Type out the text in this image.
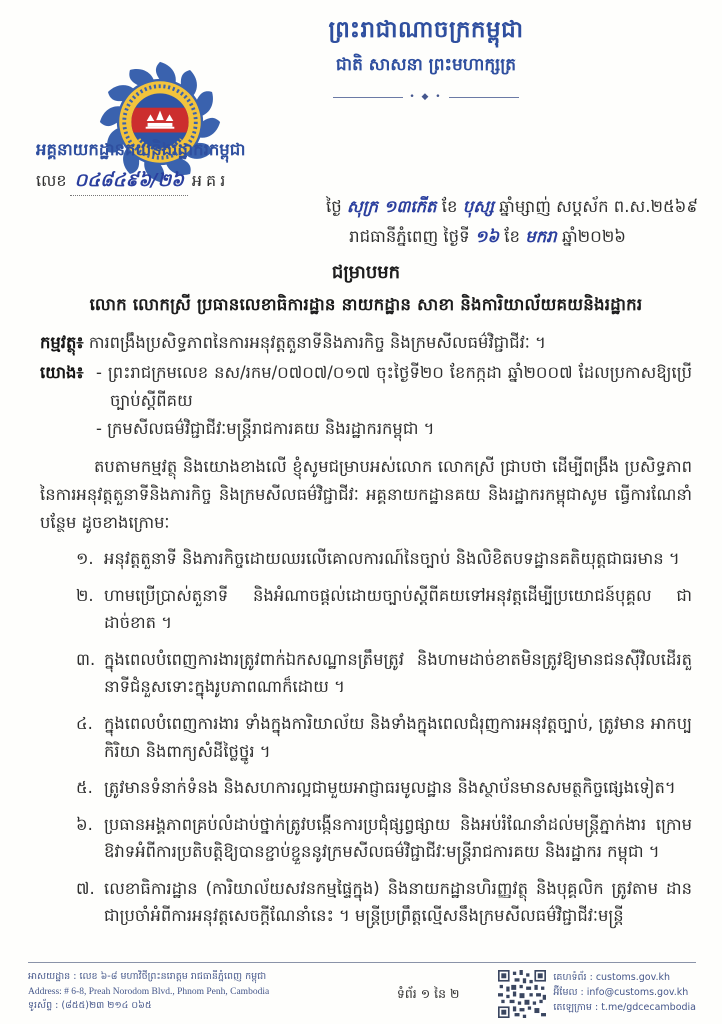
ព្រះរាជាណាចក្រកម្ពុជា
ជាតិ សាសនា ព្រះមហាក្សត្រ
• ◆ •
អគ្គនាយកដ្ឋានគយនិងរដ្ឋាករកម្ពុជា
លេខ ០៤៨៤៩៦/២៦ អគរ
ថ្ងៃ សុក្រ ១៣កើត ខែ បុស្ស ឆ្នាំម្សាញ់ សប្ដស័ក ព.ស.២៥៦៩
រាជធានីភ្នំពេញ ថ្ងៃទី ១៦ ខែ មករា ឆ្នាំ២០២៦
ជម្រាបមក
លោក លោកស្រី ប្រធានលេខាធិការដ្ឋាន នាយកដ្ឋាន សាខា និងការិយាល័យគយនិងរដ្ឋាករ
កម្មវត្ថុ៖ ការពង្រឹងប្រសិទ្ធភាពនៃការអនុវត្តតួនាទីនិងភារកិច្ច និងក្រមសីលធម៌វិជ្ជាជីវៈ ។
យោង៖ - ព្រះរាជក្រមលេខ នស/រកម/០៧០៧/០១៧ ចុះថ្ងៃទី២០ ខែកក្កដា ឆ្នាំ២០០៧ ដែលប្រកាសឱ្យប្រើច្បាប់ស្ដីពីគយ
- ក្រមសីលធម៌វិជ្ជាជីវៈមន្ត្រីរាជការគយ និងរដ្ឋាករកម្ពុជា ។
តបតាមកម្មវត្ថុ និងយោងខាងលើ ខ្ញុំសូមជម្រាបអស់លោក លោកស្រី ជ្រាបថា ដើម្បីពង្រឹង ប្រសិទ្ធភាពនៃការអនុវត្តតួនាទីនិងភារកិច្ច និងក្រមសីលធម៌វិជ្ជាជីវៈ អគ្គនាយកដ្ឋានគយ និងរដ្ឋាករកម្ពុជាសូម ធ្វើការណែនាំបន្ថែម ដូចខាងក្រោមៈ
១. អនុវត្តតួនាទី និងភារកិច្ចដោយឈរលើគោលការណ៍នៃច្បាប់ និងលិខិតបទដ្ឋានគតិយុត្តជាធរមាន ។
២. ហាមប្រើប្រាស់តួនាទី និងអំណាចផ្ដល់ដោយច្បាប់ស្ដីពីគយទៅអនុវត្តដើម្បីប្រយោជន៍បុគ្គល ជាដាច់ខាត ។
៣. ក្នុងពេលបំពេញការងារត្រូវពាក់ឯកសណ្ឋានត្រឹមត្រូវ និងហាមដាច់ខាតមិនត្រូវឱ្យមានជនស៊ីវិលដើរតួ នាទីជំនួសទោះក្នុងរូបភាពណាក៏ដោយ ។
៤. ក្នុងពេលបំពេញការងារ ទាំងក្នុងការិយាល័យ និងទាំងក្នុងពេលជំរុញការអនុវត្តច្បាប់, ត្រូវមាន អាកប្បកិរិយា និងពាក្យសំដីថ្លៃថ្នូរ ។
៥. ត្រូវមានទំនាក់ទំនង និងសហការល្អជាមួយអាជ្ញាធរមូលដ្ឋាន និងស្ថាប័នមានសមត្ថកិច្ចផ្សេងទៀត។
៦. ប្រធានអង្គភាពគ្រប់លំដាប់ថ្នាក់ត្រូវបង្កើនការប្រជុំផ្សព្វផ្សាយ និងអប់រំណែនាំដល់មន្ត្រីភ្នាក់ងារ ក្រោមឱវាទអំពីការប្រតិបត្តិឱ្យបានខ្ជាប់ខ្ជួននូវក្រមសីលធម៌វិជ្ជាជីវៈមន្ត្រីរាជការគយ និងរដ្ឋាករ កម្ពុជា ។
៧. លេខាធិការដ្ឋាន (ការិយាល័យសវនកម្មផ្ទៃក្នុង) និងនាយកដ្ឋានហិរញ្ញវត្ថុ និងបុគ្គលិក ត្រូវតាម ដានជាប្រចាំអំពីការអនុវត្តសេចក្ដីណែនាំនេះ ។ មន្ត្រីប្រព្រឹត្តល្មើសនឹងក្រមសីលធម៌វិជ្ជាជីវៈមន្ត្រី
អាសយដ្ឋាន : លេខ ៦-៨ មហាវិថីព្រះនរោត្តម រាជធានីភ្នំពេញ កម្ពុជា
Address: # 6-8, Preah Norodom Blvd., Phnom Penh, Cambodia
ទូរស័ព្ទ : (៨៥៥)២៣ ២១៤ ០៦៥
ទំព័រ ១ នៃ ២
គេហទំព័រ : customs.gov.kh
អ៊ីមែល : info@customs.gov.kh
តេឡេក្រាម : t.me/gdcecambodia
